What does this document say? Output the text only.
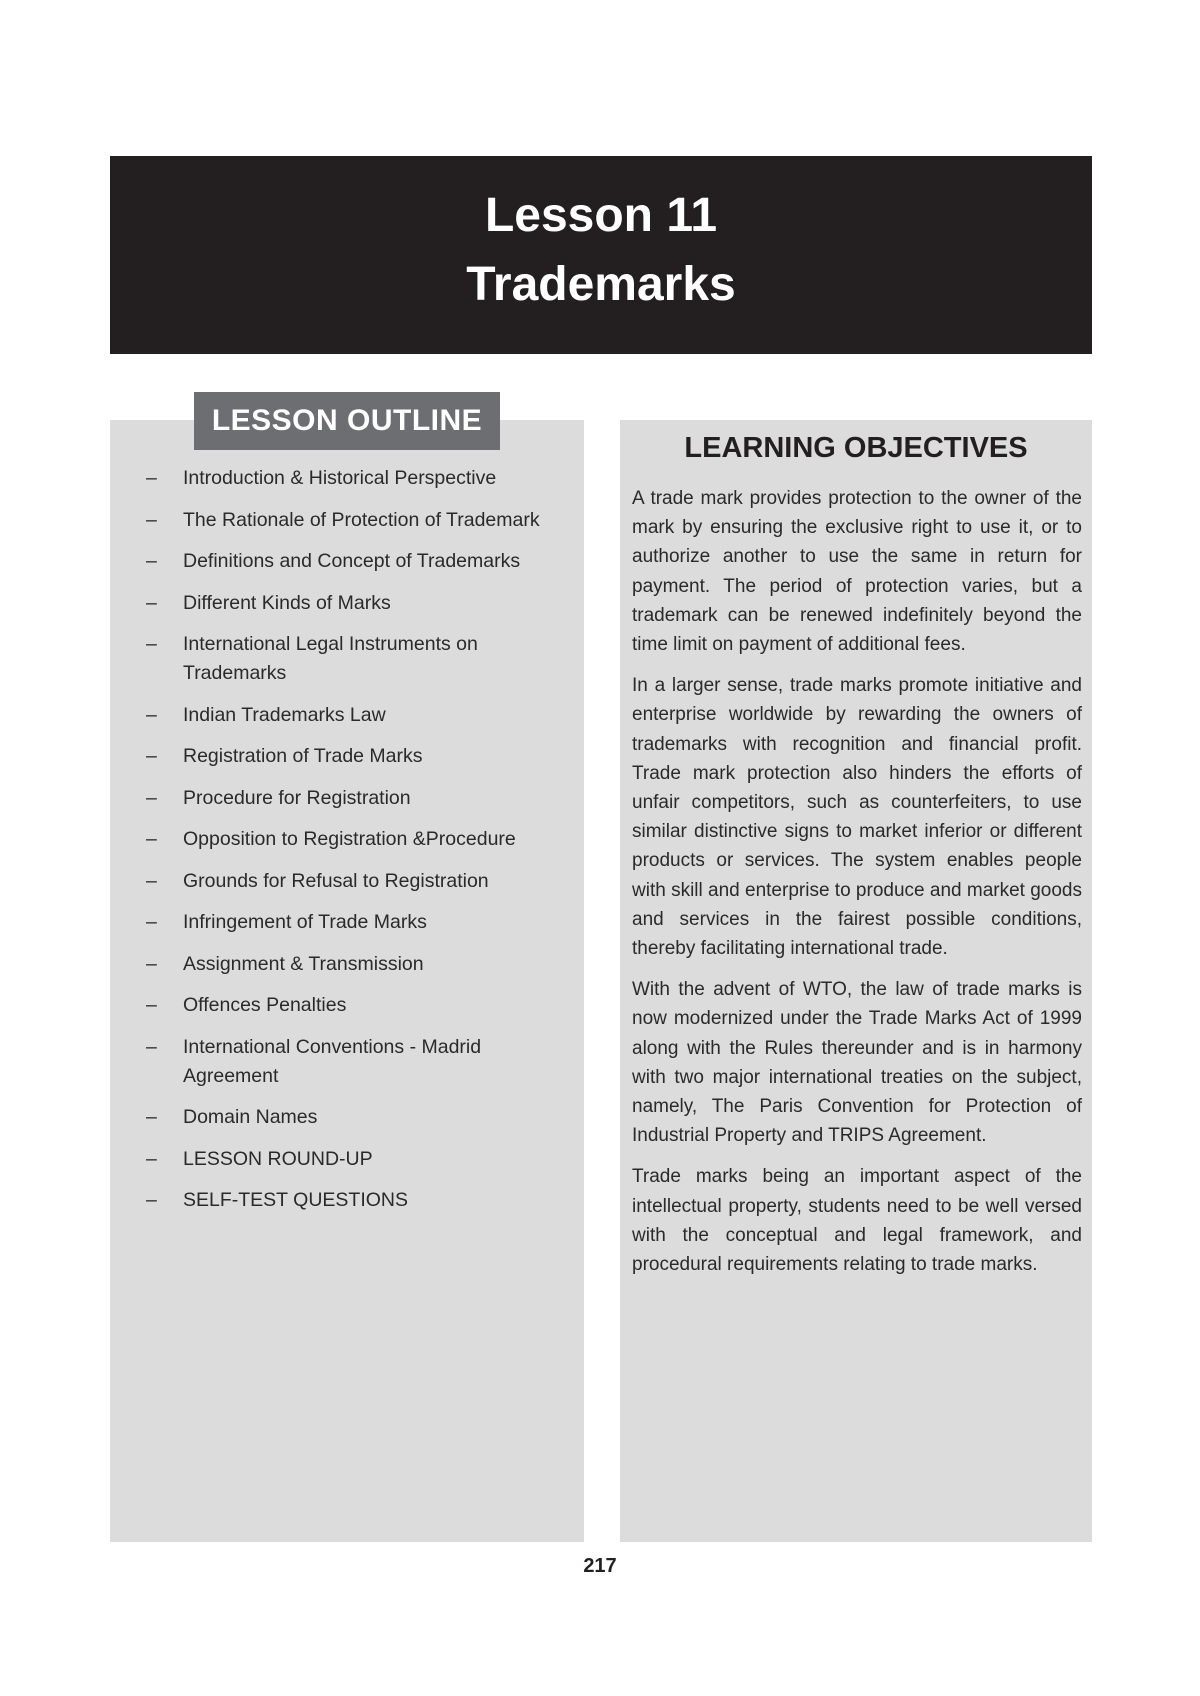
Lesson 11
Trademarks
LESSON OUTLINE
– Introduction & Historical Perspective
– The Rationale of Protection of Trademark
– Definitions and Concept of Trademarks
– Different Kinds of Marks
– International Legal Instruments on Trademarks
– Indian Trademarks Law
– Registration of Trade Marks
– Procedure for Registration
– Opposition to Registration &Procedure
– Grounds for Refusal to Registration
– Infringement of Trade Marks
– Assignment & Transmission
– Offences Penalties
– International Conventions - Madrid Agreement
– Domain Names
– LESSON ROUND-UP
– SELF-TEST QUESTIONS
LEARNING OBJECTIVES

A trade mark provides protection to the owner of the mark by ensuring the exclusive right to use it, or to authorize another to use the same in return for payment. The period of protection varies, but a trademark can be renewed indefinitely beyond the time limit on payment of additional fees.

In a larger sense, trade marks promote initiative and enterprise worldwide by rewarding the owners of trademarks with recognition and financial profit. Trade mark protection also hinders the efforts of unfair competitors, such as counterfeiters, to use similar distinctive signs to market inferior or different products or services. The system enables people with skill and enterprise to produce and market goods and services in the fairest possible conditions, thereby facilitating international trade.

With the advent of WTO, the law of trade marks is now modernized under the Trade Marks Act of 1999 along with the Rules thereunder and is in harmony with two major international treaties on the subject, namely, The Paris Convention for Protection of Industrial Property and TRIPS Agreement.

Trade marks being an important aspect of the intellectual property, students need to be well versed with the conceptual and legal framework, and procedural requirements relating to trade marks.

217
